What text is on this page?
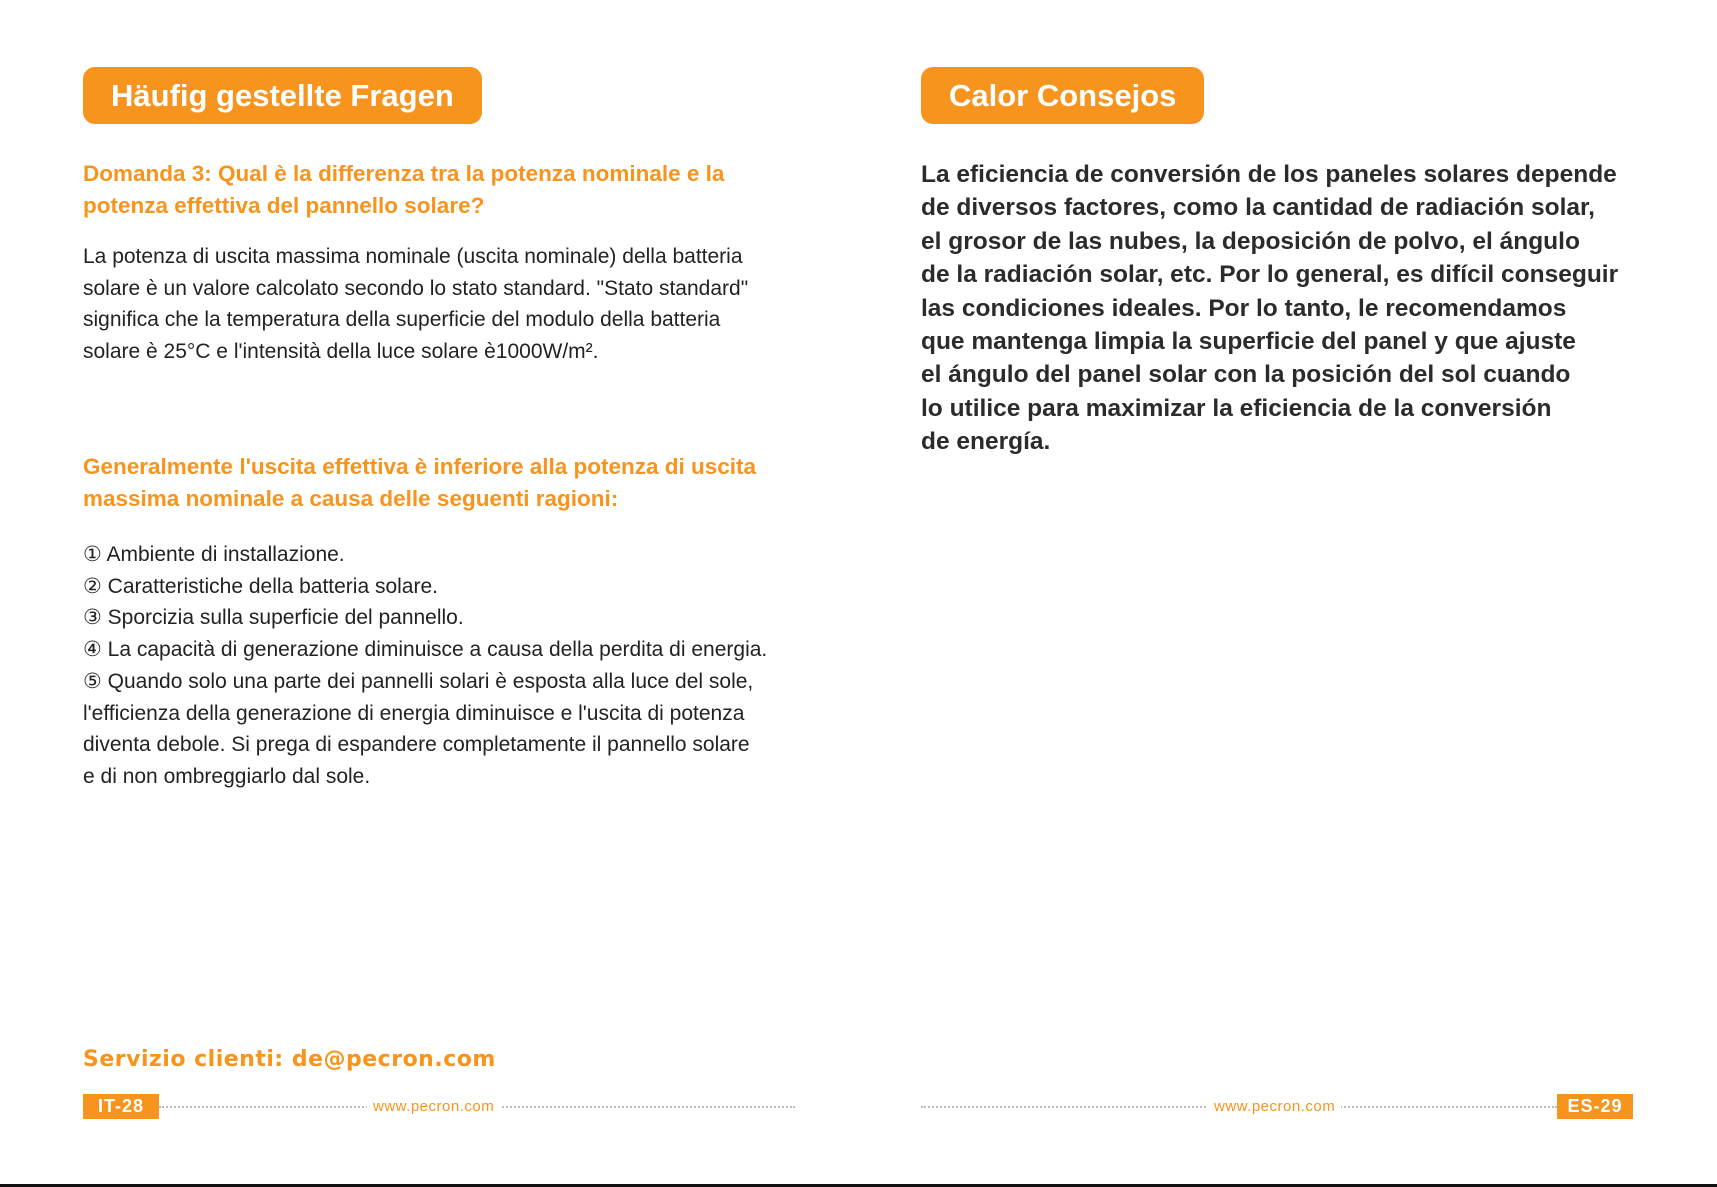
Häufig gestellte Fragen

Domanda 3: Qual è la differenza tra la potenza nominale e la
potenza effettiva del pannello solare?

La potenza di uscita massima nominale (uscita nominale) della batteria
solare è un valore calcolato secondo lo stato standard. "Stato standard"
significa che la temperatura della superficie del modulo della batteria
solare è 25°C e l'intensità della luce solare è1000W/m².

Generalmente l'uscita effettiva è inferiore alla potenza di uscita
massima nominale a causa delle seguenti ragioni:

① Ambiente di installazione.
② Caratteristiche della batteria solare.
③ Sporcizia sulla superficie del pannello.
④ La capacità di generazione diminuisce a causa della perdita di energia.
⑤ Quando solo una parte dei pannelli solari è esposta alla luce del sole,
l'efficienza della generazione di energia diminuisce e l'uscita di potenza
diventa debole. Si prega di espandere completamente il pannello solare
e di non ombreggiarlo dal sole.

Servizio clienti: de@pecron.com
IT-28	www.pecron.com
Calor Consejos

La eficiencia de conversión de los paneles solares depende
de diversos factores, como la cantidad de radiación solar,
el grosor de las nubes, la deposición de polvo, el ángulo
de la radiación solar, etc. Por lo general, es difícil conseguir
las condiciones ideales. Por lo tanto, le recomendamos
que mantenga limpia la superficie del panel y que ajuste
el ángulo del panel solar con la posición del sol cuando
lo utilice para maximizar la eficiencia de la conversión
de energía.

www.pecron.com	ES-29
